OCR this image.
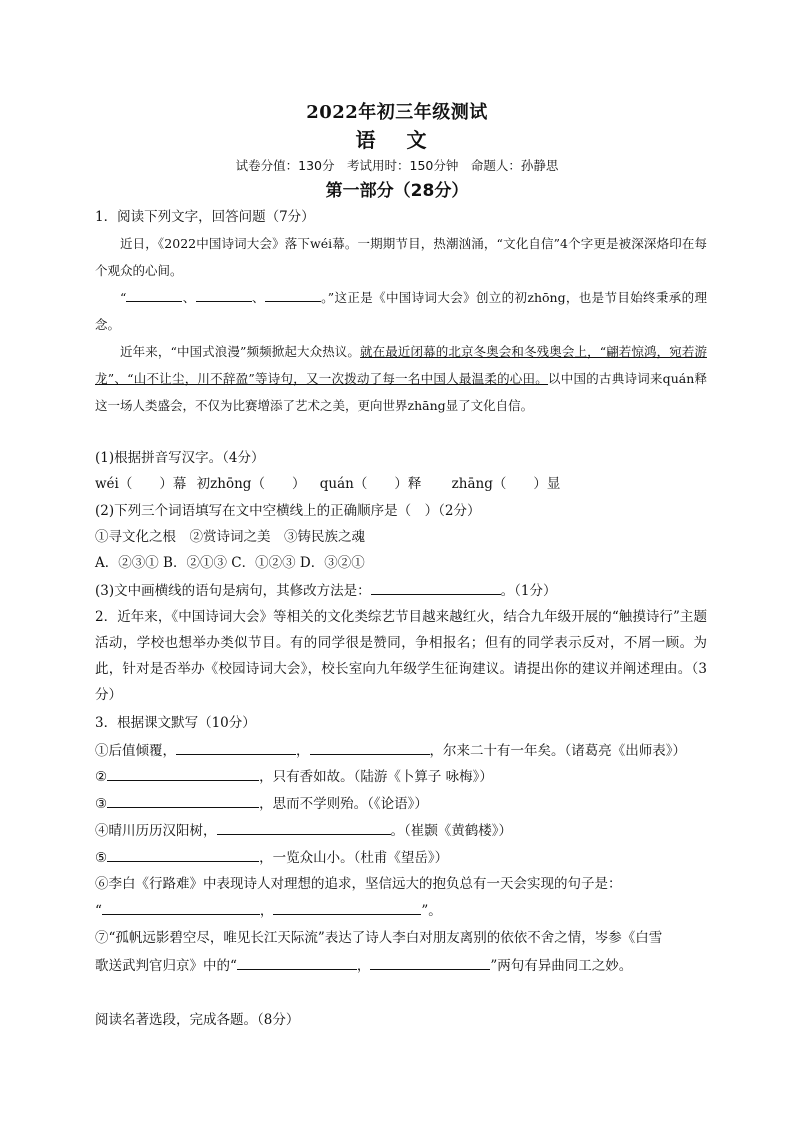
2022年初三年级测试
语 文
试卷分值：130分　考试用时：150分钟　命题人：孙静思
第一部分（28分）
1．阅读下列文字，回答问题（7分）
近日，《2022中国诗词大会》落下wéi幕。一期期节目，热潮汹涌，“文化自信”4个字更是被深深烙印在每个观众的心间。
“	、	、	。”这正是《中国诗词大会》创立的初zhōng，也是节目始终秉承的理念。
近年来，“中国式浪漫”频频掀起大众热议。就在最近闭幕的北京冬奥会和冬残奥会上，“翩若惊鸿，宛若游龙”、“山不让尘，川不辞盈”等诗句，又一次拨动了每一名中国人最温柔的心田。以中国的古典诗词来quán释这一场人类盛会，不仅为比赛增添了艺术之美，更向世界zhāng显了文化自信。
(1)根据拼音写汉字。（4分）
wéi（　　）幕 初zhōng（　　） quán（　　）释 zhāng（　　）显
(2)下列三个词语填写在文中空横线上的正确顺序是（　）（2分）
①寻文化之根　②赏诗词之美　③铸民族之魂
A．②③① B．②①③ C．①②③ D．③②①
(3)文中画横线的语句是病句，其修改方法是：	。（1分）
2．近年来，《中国诗词大会》等相关的文化类综艺节目越来越红火，结合九年级开展的“触摸诗行”主题活动，学校也想举办类似节目。有的同学很是赞同，争相报名；但有的同学表示反对，不屑一顾。为此，针对是否举办《校园诗词大会》，校长室向九年级学生征询建议。请提出你的建议并阐述理由。（3分）
3．根据课文默写（10分）
①后值倾覆，	，	，尔来二十有一年矣。（诸葛亮《出师表》）
②	，只有香如故。（陆游《卜算子 咏梅》）
③	，思而不学则殆。（《论语》）
④晴川历历汉阳树，	。（崔颢《黄鹤楼》）
⑤	，一览众山小。（杜甫《望岳》）
⑥李白《行路难》中表现诗人对理想的追求，坚信远大的抱负总有一天会实现的句子是：
“	，	”。
⑦“孤帆远影碧空尽，唯见长江天际流”表达了诗人李白对朋友离别的依依不舍之情，岑参《白雪
歌送武判官归京》中的“	，	”两句有异曲同工之妙。
阅读名著选段，完成各题。（8分）
